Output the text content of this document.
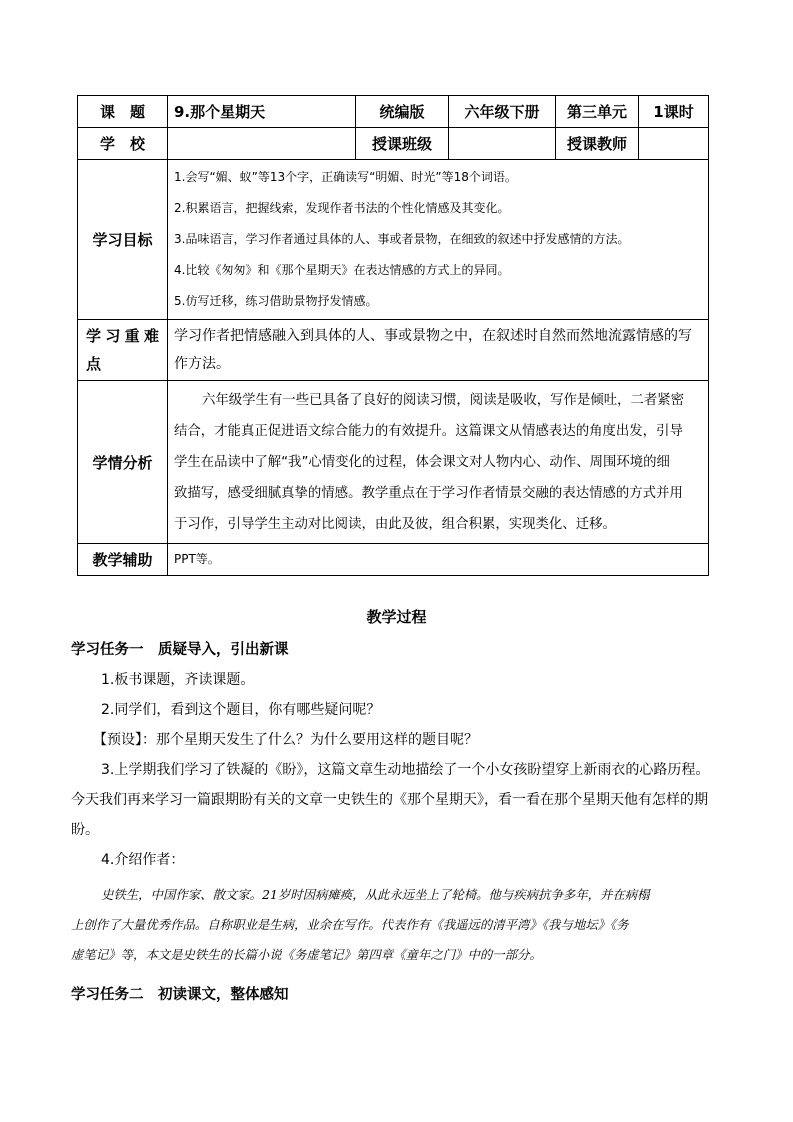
课　题	9.那个星期天	统编版	六年级下册	第三单元	1课时
学　校		授课班级		授课教师	
学习目标	1.会写“媚、蚁”等13个字，正确读写“明媚、时光”等18个词语。
2.积累语言，把握线索，发现作者书法的个性化情感及其变化。
3.品味语言，学习作者通过具体的人、事或者景物，在细致的叙述中抒发感情的方法。
4.比较《匆匆》和《那个星期天》在表达情感的方式上的异同。
5.仿写迁移，练习借助景物抒发情感。				

学习重难点	学习作者把情感融入到具体的人、事或景物之中，在叙述时自然而然地流露情感的写作方法。				
学情分析	六年级学生有一些已具备了良好的阅读习惯，阅读是吸收，写作是倾吐，二者紧密
结合，才能真正促进语文综合能力的有效提升。这篇课文从情感表达的角度出发，引导
学生在品读中了解“我”心情变化的过程，体会课文对人物内心、动作、周围环境的细
致描写，感受细腻真挚的情感。教学重点在于学习作者情景交融的表达情感的方式并用
于习作，引导学生主动对比阅读，由此及彼，组合积累，实现类化、迁移。				

教学辅助	PPT等。				
教学过程
学习任务一　质疑导入，引出新课
1.板书课题，齐读课题。
2.同学们，看到这个题目，你有哪些疑问呢？
【预设】：那个星期天发生了什么？为什么要用这样的题目呢？
3.上学期我们学习了铁凝的《盼》，这篇文章生动地描绘了一个小女孩盼望穿上新雨衣的心路历程。
今天我们再来学习一篇跟期盼有关的文章一史铁生的《那个星期天》，看一看在那个星期天他有怎样的期
盼。
4.介绍作者：
史铁生，中国作家、散文家。21岁时因病瘫痪，从此永远坐上了轮椅。他与疾病抗争多年，并在病榻
上创作了大量优秀作品。自称职业是生病，业余在写作。代表作有《我遥远的清平湾》《我与地坛》《务
虚笔记》等，本文是史铁生的长篇小说《务虚笔记》第四章《童年之门》中的一部分。
学习任务二　初读课文，整体感知
